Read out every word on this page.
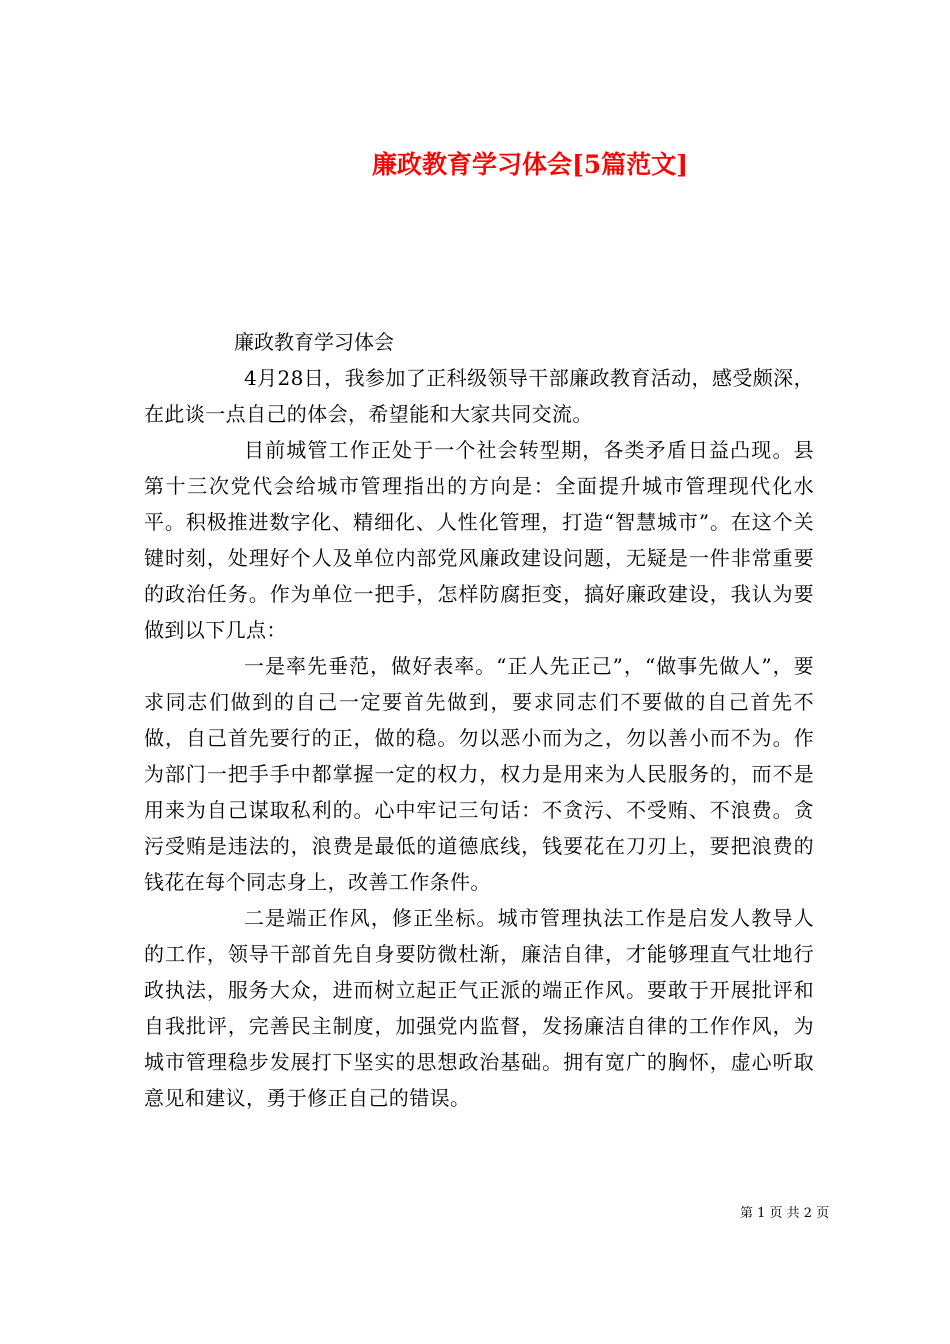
廉政教育学习体会[5篇范文]
廉政教育学习体会

4月28日，我参加了正科级领导干部廉政教育活动，感受颇深，在此谈一点自己的体会，希望能和大家共同交流。

目前城管工作正处于一个社会转型期，各类矛盾日益凸现。县第十三次党代会给城市管理指出的方向是：全面提升城市管理现代化水平。积极推进数字化、精细化、人性化管理，打造“智慧城市”。在这个关键时刻，处理好个人及单位内部党风廉政建设问题，无疑是一件非常重要的政治任务。作为单位一把手，怎样防腐拒变，搞好廉政建设，我认为要做到以下几点：

一是率先垂范，做好表率。“正人先正己”，“做事先做人”，要求同志们做到的自己一定要首先做到，要求同志们不要做的自己首先不做，自己首先要行的正，做的稳。勿以恶小而为之，勿以善小而不为。作为部门一把手手中都掌握一定的权力，权力是用来为人民服务的，而不是用来为自己谋取私利的。心中牢记三句话：不贪污、不受贿、不浪费。贪污受贿是违法的，浪费是最低的道德底线，钱要花在刀刃上，要把浪费的钱花在每个同志身上，改善工作条件。

二是端正作风，修正坐标。城市管理执法工作是启发人教导人的工作，领导干部首先自身要防微杜渐，廉洁自律，才能够理直气壮地行政执法，服务大众，进而树立起正气正派的端正作风。要敢于开展批评和自我批评，完善民主制度，加强党内监督，发扬廉洁自律的工作作风，为城市管理稳步发展打下坚实的思想政治基础。拥有宽广的胸怀，虚心听取意见和建议，勇于修正自己的错误。

第 1 页 共 2 页
